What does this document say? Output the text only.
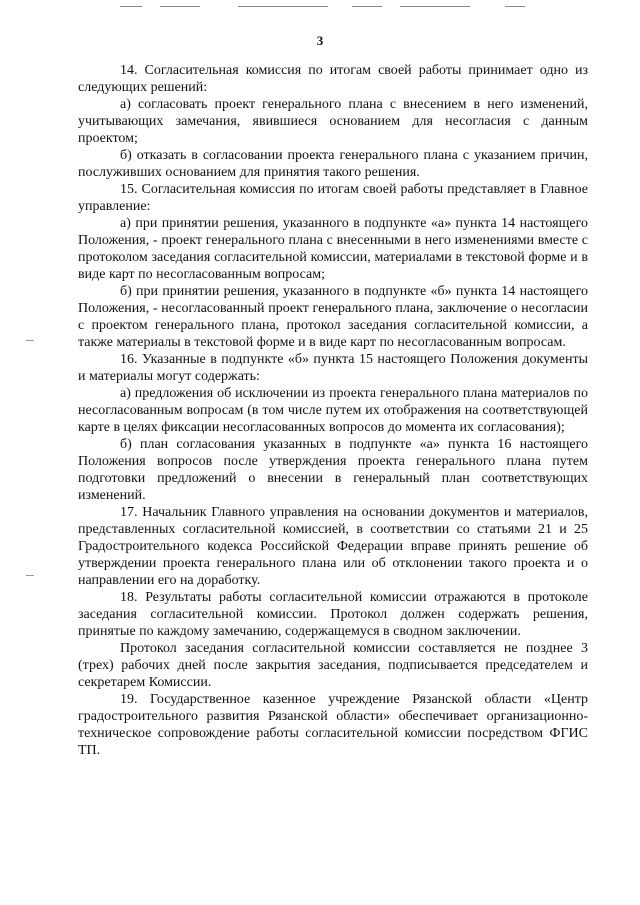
3

14. Согласительная комиссия по итогам своей работы принимает одно из следующих решений:

а) согласовать проект генерального плана с внесением в него изменений, учитывающих замечания, явившиеся основанием для несогласия с данным проектом;

б) отказать в согласовании проекта генерального плана с указанием причин, послуживших основанием для принятия такого решения.

15. Согласительная комиссия по итогам своей работы представляет в Главное управление:

а) при принятии решения, указанного в подпункте «а» пункта 14 настоящего Положения, - проект генерального плана с внесенными в него изменениями вместе с протоколом заседания согласительной комиссии, материалами в текстовой форме и в виде карт по несогласованным вопросам;

б) при принятии решения, указанного в подпункте «б» пункта 14 настоящего Положения, - несогласованный проект генерального плана, заключение о несогласии с проектом генерального плана, протокол заседания согласительной комиссии, а также материалы в текстовой форме и в виде карт по несогласованным вопросам.

16. Указанные в подпункте «б» пункта 15 настоящего Положения документы и материалы могут содержать:

а) предложения об исключении из проекта генерального плана материалов по несогласованным вопросам (в том числе путем их отображения на соответствующей карте в целях фиксации несогласованных вопросов до момента их согласования);

б) план согласования указанных в подпункте «а» пункта 16 настоящего Положения вопросов после утверждения проекта генерального плана путем подготовки предложений о внесении в генеральный план соответствующих изменений.

17. Начальник Главного управления на основании документов и материалов, представленных согласительной комиссией, в соответствии со статьями 21 и 25 Градостроительного кодекса Российской Федерации вправе принять решение об утверждении проекта генерального плана или об отклонении такого проекта и о направлении его на доработку.

18. Результаты работы согласительной комиссии отражаются в протоколе заседания согласительной комиссии. Протокол должен содержать решения, принятые по каждому замечанию, содержащемуся в сводном заключении.

Протокол заседания согласительной комиссии составляется не позднее 3 (трех) рабочих дней после закрытия заседания, подписывается председателем и секретарем Комиссии.

19. Государственное казенное учреждение Рязанской области «Центр градостроительного развития Рязанской области» обеспечивает организационно-техническое сопровождение работы согласительной комиссии посредством ФГИС ТП.
